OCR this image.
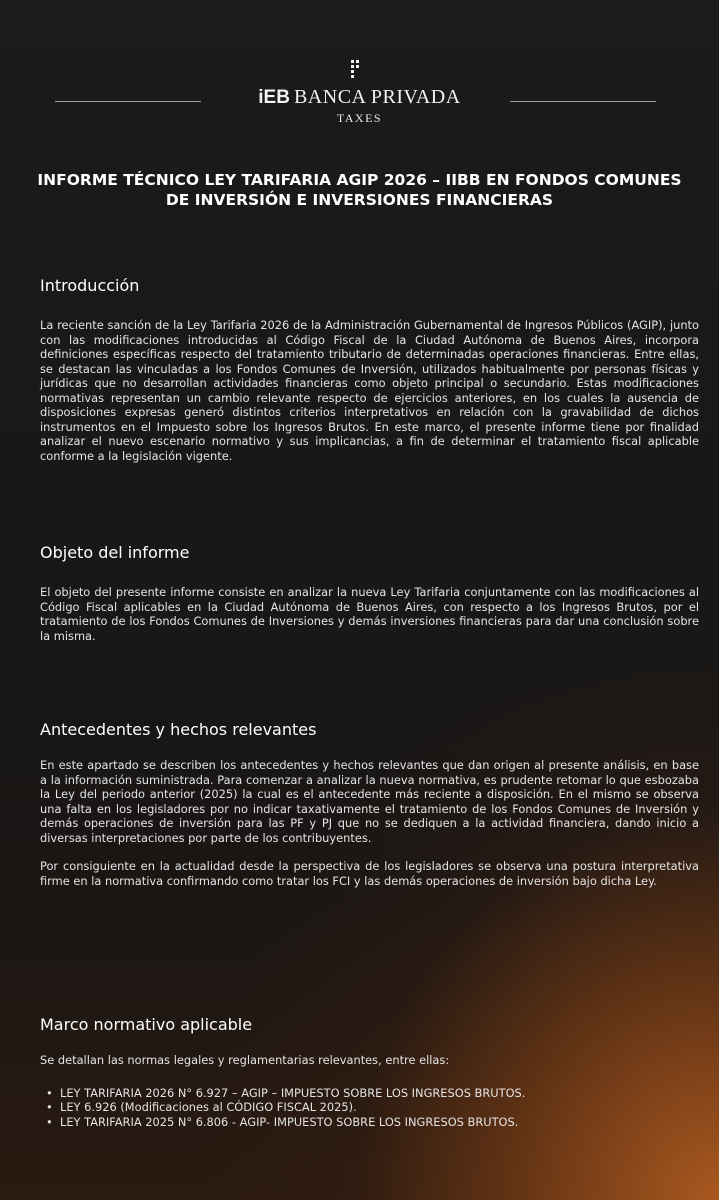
iEB BANCA PRIVADA
TAXES
INFORME TÉCNICO LEY TARIFARIA AGIP 2026 – IIBB EN FONDOS COMUNES DE INVERSIÓN E INVERSIONES FINANCIERAS
Introducción

La reciente sanción de la Ley Tarifaria 2026 de la Administración Gubernamental de Ingresos Públicos (AGIP), junto con las modificaciones introducidas al Código Fiscal de la Ciudad Autónoma de Buenos Aires, incorpora definiciones específicas respecto del tratamiento tributario de determinadas operaciones financieras. Entre ellas, se destacan las vinculadas a los Fondos Comunes de Inversión, utilizados habitualmente por personas físicas y jurídicas que no desarrollan actividades financieras como objeto principal o secundario. Estas modificaciones normativas representan un cambio relevante respecto de ejercicios anteriores, en los cuales la ausencia de disposiciones expresas generó distintos criterios interpretativos en relación con la gravabilidad de dichos instrumentos en el Impuesto sobre los Ingresos Brutos. En este marco, el presente informe tiene por finalidad analizar el nuevo escenario normativo y sus implicancias, a fin de determinar el tratamiento fiscal aplicable conforme a la legislación vigente.

Objeto del informe

El objeto del presente informe consiste en analizar la nueva Ley Tarifaria conjuntamente con las modificaciones al Código Fiscal aplicables en la Ciudad Autónoma de Buenos Aires, con respecto a los Ingresos Brutos, por el tratamiento de los Fondos Comunes de Inversiones y demás inversiones financieras para dar una conclusión sobre la misma.

Antecedentes y hechos relevantes

En este apartado se describen los antecedentes y hechos relevantes que dan origen al presente análisis, en base a la información suministrada. Para comenzar a analizar la nueva normativa, es prudente retomar lo que esbozaba la Ley del periodo anterior (2025) la cual es el antecedente más reciente a disposición. En el mismo se observa una falta en los legisladores por no indicar taxativamente el tratamiento de los Fondos Comunes de Inversión y demás operaciones de inversión para las PF y PJ que no se dediquen a la actividad financiera, dando inicio a diversas interpretaciones por parte de los contribuyentes.

Por consiguiente en la actualidad desde la perspectiva de los legisladores se observa una postura interpretativa firme en la normativa confirmando como tratar los FCI y las demás operaciones de inversión bajo dicha Ley.

Marco normativo aplicable

Se detallan las normas legales y reglamentarias relevantes, entre ellas:

• LEY TARIFARIA 2026 N° 6.927 – AGIP – IMPUESTO SOBRE LOS INGRESOS BRUTOS.
• LEY 6.926 (Modificaciones al CÓDIGO FISCAL 2025).
• LEY TARIFARIA 2025 N° 6.806 - AGIP- IMPUESTO SOBRE LOS INGRESOS BRUTOS.
